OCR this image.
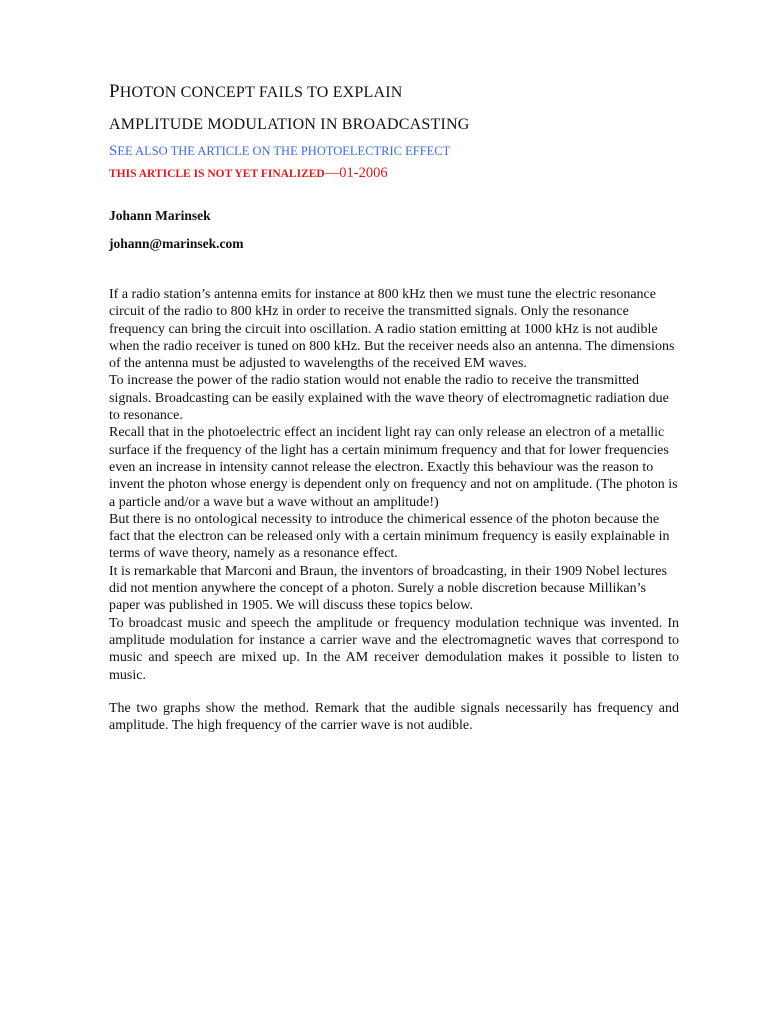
PHOTON CONCEPT FAILS TO EXPLAIN
AMPLITUDE MODULATION IN BROADCASTING
SEE ALSO THE ARTICLE ON THE PHOTOELECTRIC EFFECT
THIS ARTICLE IS NOT YET FINALIZED—01-2006
Johann Marinsek
johann@marinsek.com

If a radio station’s antenna emits for instance at 800 kHz then we must tune the electric resonance circuit of the radio to 800 kHz in order to receive the transmitted signals. Only the resonance frequency can bring the circuit into oscillation. A radio station emitting at 1000 kHz is not audible when the radio receiver is tuned on 800 kHz. But the receiver needs also an antenna. The dimensions of the antenna must be adjusted to wavelengths of the received EM waves.

To increase the power of the radio station would not enable the radio to receive the transmitted signals. Broadcasting can be easily explained with the wave theory of electromagnetic radiation due to resonance.

Recall that in the photoelectric effect an incident light ray can only release an electron of a metallic surface if the frequency of the light has a certain minimum frequency and that for lower frequencies even an increase in intensity cannot release the electron. Exactly this behaviour was the reason to invent the photon whose energy is dependent only on frequency and not on amplitude. (The photon is a particle and/or a wave but a wave without an amplitude!)

But there is no ontological necessity to introduce the chimerical essence of the photon because the fact that the electron can be released only with a certain minimum frequency is easily explainable in terms of wave theory, namely as a resonance effect.

It is remarkable that Marconi and Braun, the inventors of broadcasting, in their 1909 Nobel lectures did not mention anywhere the concept of a photon. Surely a noble discretion because Millikan’s paper was published in 1905. We will discuss these topics below.

To broadcast music and speech the amplitude or frequency modulation technique was invented. In amplitude modulation for instance a carrier wave and the electromagnetic waves that correspond to music and speech are mixed up. In the AM receiver demodulation makes it possible to listen to music.

The two graphs show the method. Remark that the audible signals necessarily has frequency and amplitude. The high frequency of the carrier wave is not audible.
